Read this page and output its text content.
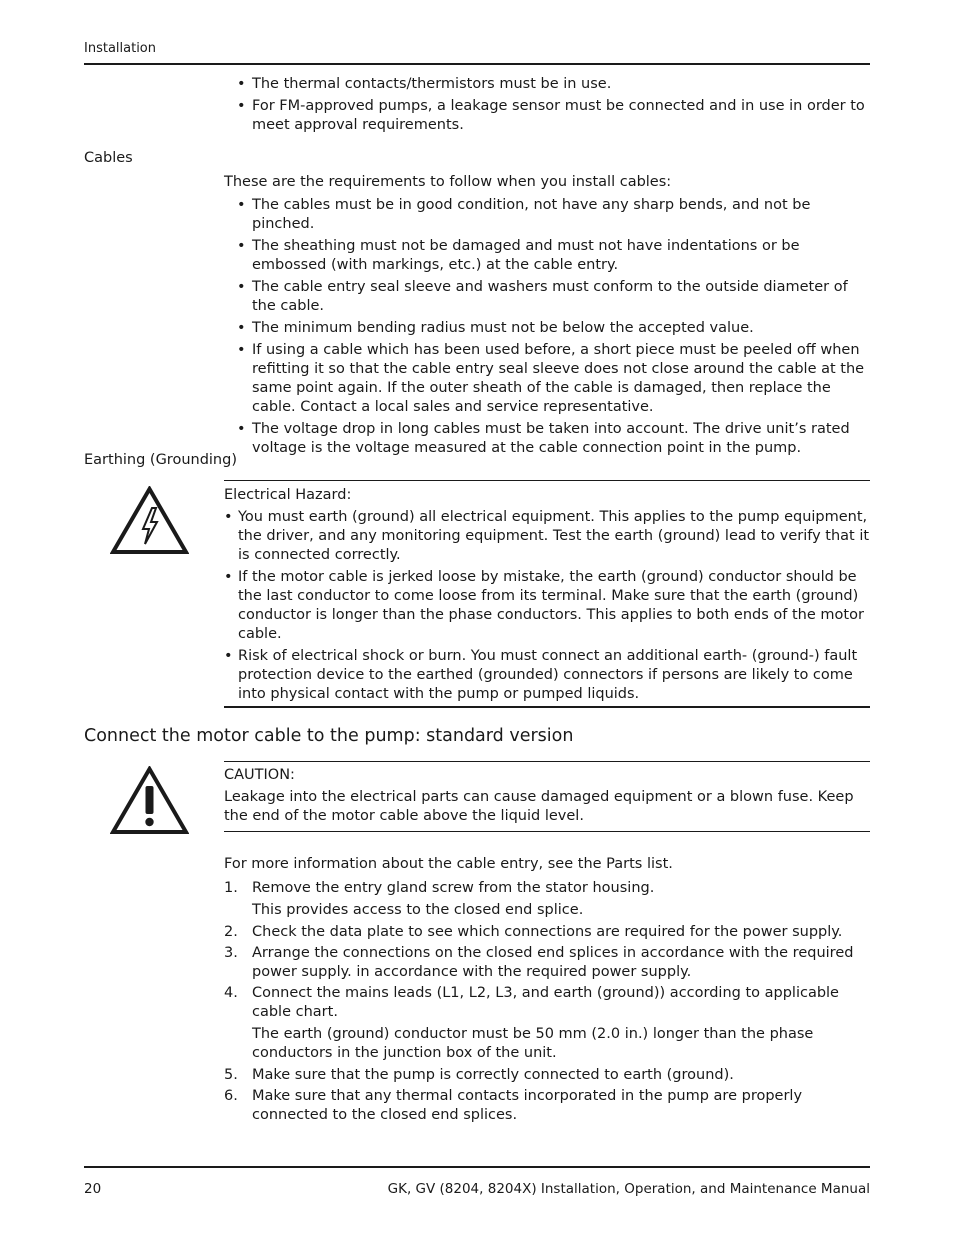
Installation
• The thermal contacts/thermistors must be in use.
• For FM-approved pumps, a leakage sensor must be connected and in use in order to meet approval requirements.
Cables

These are the requirements to follow when you install cables:

• The cables must be in good condition, not have any sharp bends, and not be pinched.
• The sheathing must not be damaged and must not have indentations or be embossed (with markings, etc.) at the cable entry.
• The cable entry seal sleeve and washers must conform to the outside diameter of the cable.
• The minimum bending radius must not be below the accepted value.
• If using a cable which has been used before, a short piece must be peeled off when refitting it so that the cable entry seal sleeve does not close around the cable at the same point again. If the outer sheath of the cable is damaged, then replace the cable. Contact a local sales and service representative.
• The voltage drop in long cables must be taken into account. The drive unit’s rated voltage is the voltage measured at the cable connection point in the pump.
Earthing (Grounding)

Electrical Hazard:

• You must earth (ground) all electrical equipment. This applies to the pump equipment, the driver, and any monitoring equipment. Test the earth (ground) lead to verify that it is connected correctly.
• If the motor cable is jerked loose by mistake, the earth (ground) conductor should be the last conductor to come loose from its terminal. Make sure that the earth (ground) conductor is longer than the phase conductors. This applies to both ends of the motor cable.
• Risk of electrical shock or burn. You must connect an additional earth- (ground-) fault protection device to the earthed (grounded) connectors if persons are likely to come into physical contact with the pump or pumped liquids.
Connect the motor cable to the pump: standard version

CAUTION:

Leakage into the electrical parts can cause damaged equipment or a blown fuse. Keep the end of the motor cable above the liquid level.

For more information about the cable entry, see the Parts list.

1. Remove the entry gland screw from the stator housing.
This provides access to the closed end splice.
2. Check the data plate to see which connections are required for the power supply.
3. Arrange the connections on the closed end splices in accordance with the required power supply. in accordance with the required power supply.
4. Connect the mains leads (L1, L2, L3, and earth (ground)) according to applicable cable chart.
The earth (ground) conductor must be 50 mm (2.0 in.) longer than the phase conductors in the junction box of the unit.
5. Make sure that the pump is correctly connected to earth (ground).
6. Make sure that any thermal contacts incorporated in the pump are properly connected to the closed end splices.
20	GK, GV (8204, 8204X) Installation, Operation, and Maintenance Manual
